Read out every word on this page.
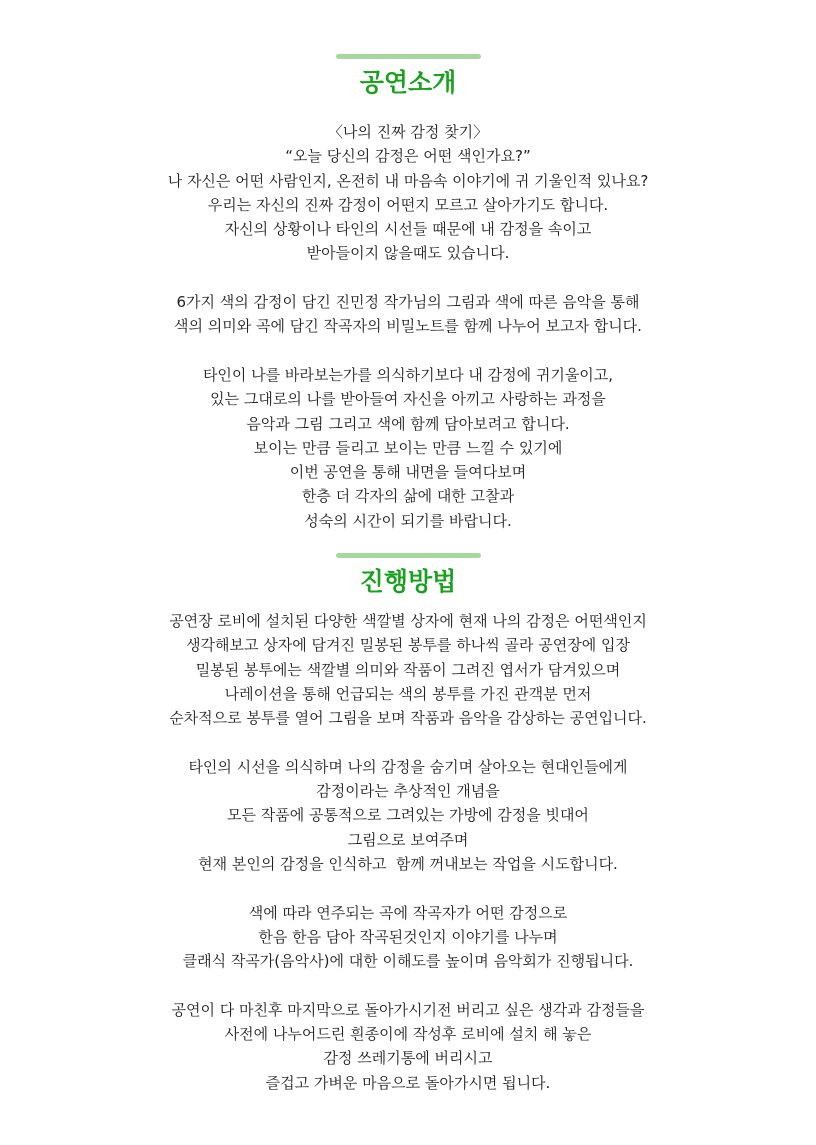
공연소개
〈나의 진짜 감정 찾기〉
“오늘 당신의 감정은 어떤 색인가요?”
나 자신은 어떤 사람인지, 온전히 내 마음속 이야기에 귀 기울인적 있나요?
우리는 자신의 진짜 감정이 어떤지 모르고 살아가기도 합니다.
자신의 상황이나 타인의 시선들 때문에 내 감정을 속이고
받아들이지 않을때도 있습니다.
6가지 색의 감정이 담긴 진민정 작가님의 그림과 색에 따른 음악을 통해
색의 의미와 곡에 담긴 작곡자의 비밀노트를 함께 나누어 보고자 합니다.
타인이 나를 바라보는가를 의식하기보다 내 감정에 귀기울이고,
있는 그대로의 나를 받아들여 자신을 아끼고 사랑하는 과정을
음악과 그림 그리고 색에 함께 담아보려고 합니다.
보이는 만큼 들리고 보이는 만큼 느낄 수 있기에
이번 공연을 통해 내면을 들여다보며
한층 더 각자의 삶에 대한 고찰과
성숙의 시간이 되기를 바랍니다.
진행방법
공연장 로비에 설치된 다양한 색깔별 상자에 현재 나의 감정은 어떤색인지
생각해보고 상자에 담겨진 밀봉된 봉투를 하나씩 골라 공연장에 입장
밀봉된 봉투에는 색깔별 의미와 작품이 그려진 엽서가 담겨있으며
나레이션을 통해 언급되는 색의 봉투를 가진 관객분 먼저
순차적으로 봉투를 열어 그림을 보며 작품과 음악을 감상하는 공연입니다.
타인의 시선을 의식하며 나의 감정을 숨기며 살아오는 현대인들에게
감정이라는 추상적인 개념을
모든 작품에 공통적으로 그려있는 가방에 감정을 빗대어
그림으로 보여주며
현재 본인의 감정을 인식하고  함께 꺼내보는 작업을 시도합니다.
색에 따라 연주되는 곡에 작곡자가 어떤 감정으로
한음 한음 담아 작곡된것인지 이야기를 나누며
클래식 작곡가(음악사)에 대한 이해도를 높이며 음악회가 진행됩니다.
공연이 다 마친후 마지막으로 돌아가시기전 버리고 싶은 생각과 감정들을
사전에 나누어드린 흰종이에 작성후 로비에 설치 해 놓은
감정 쓰레기통에 버리시고
즐겁고 가벼운 마음으로 돌아가시면 됩니다.
